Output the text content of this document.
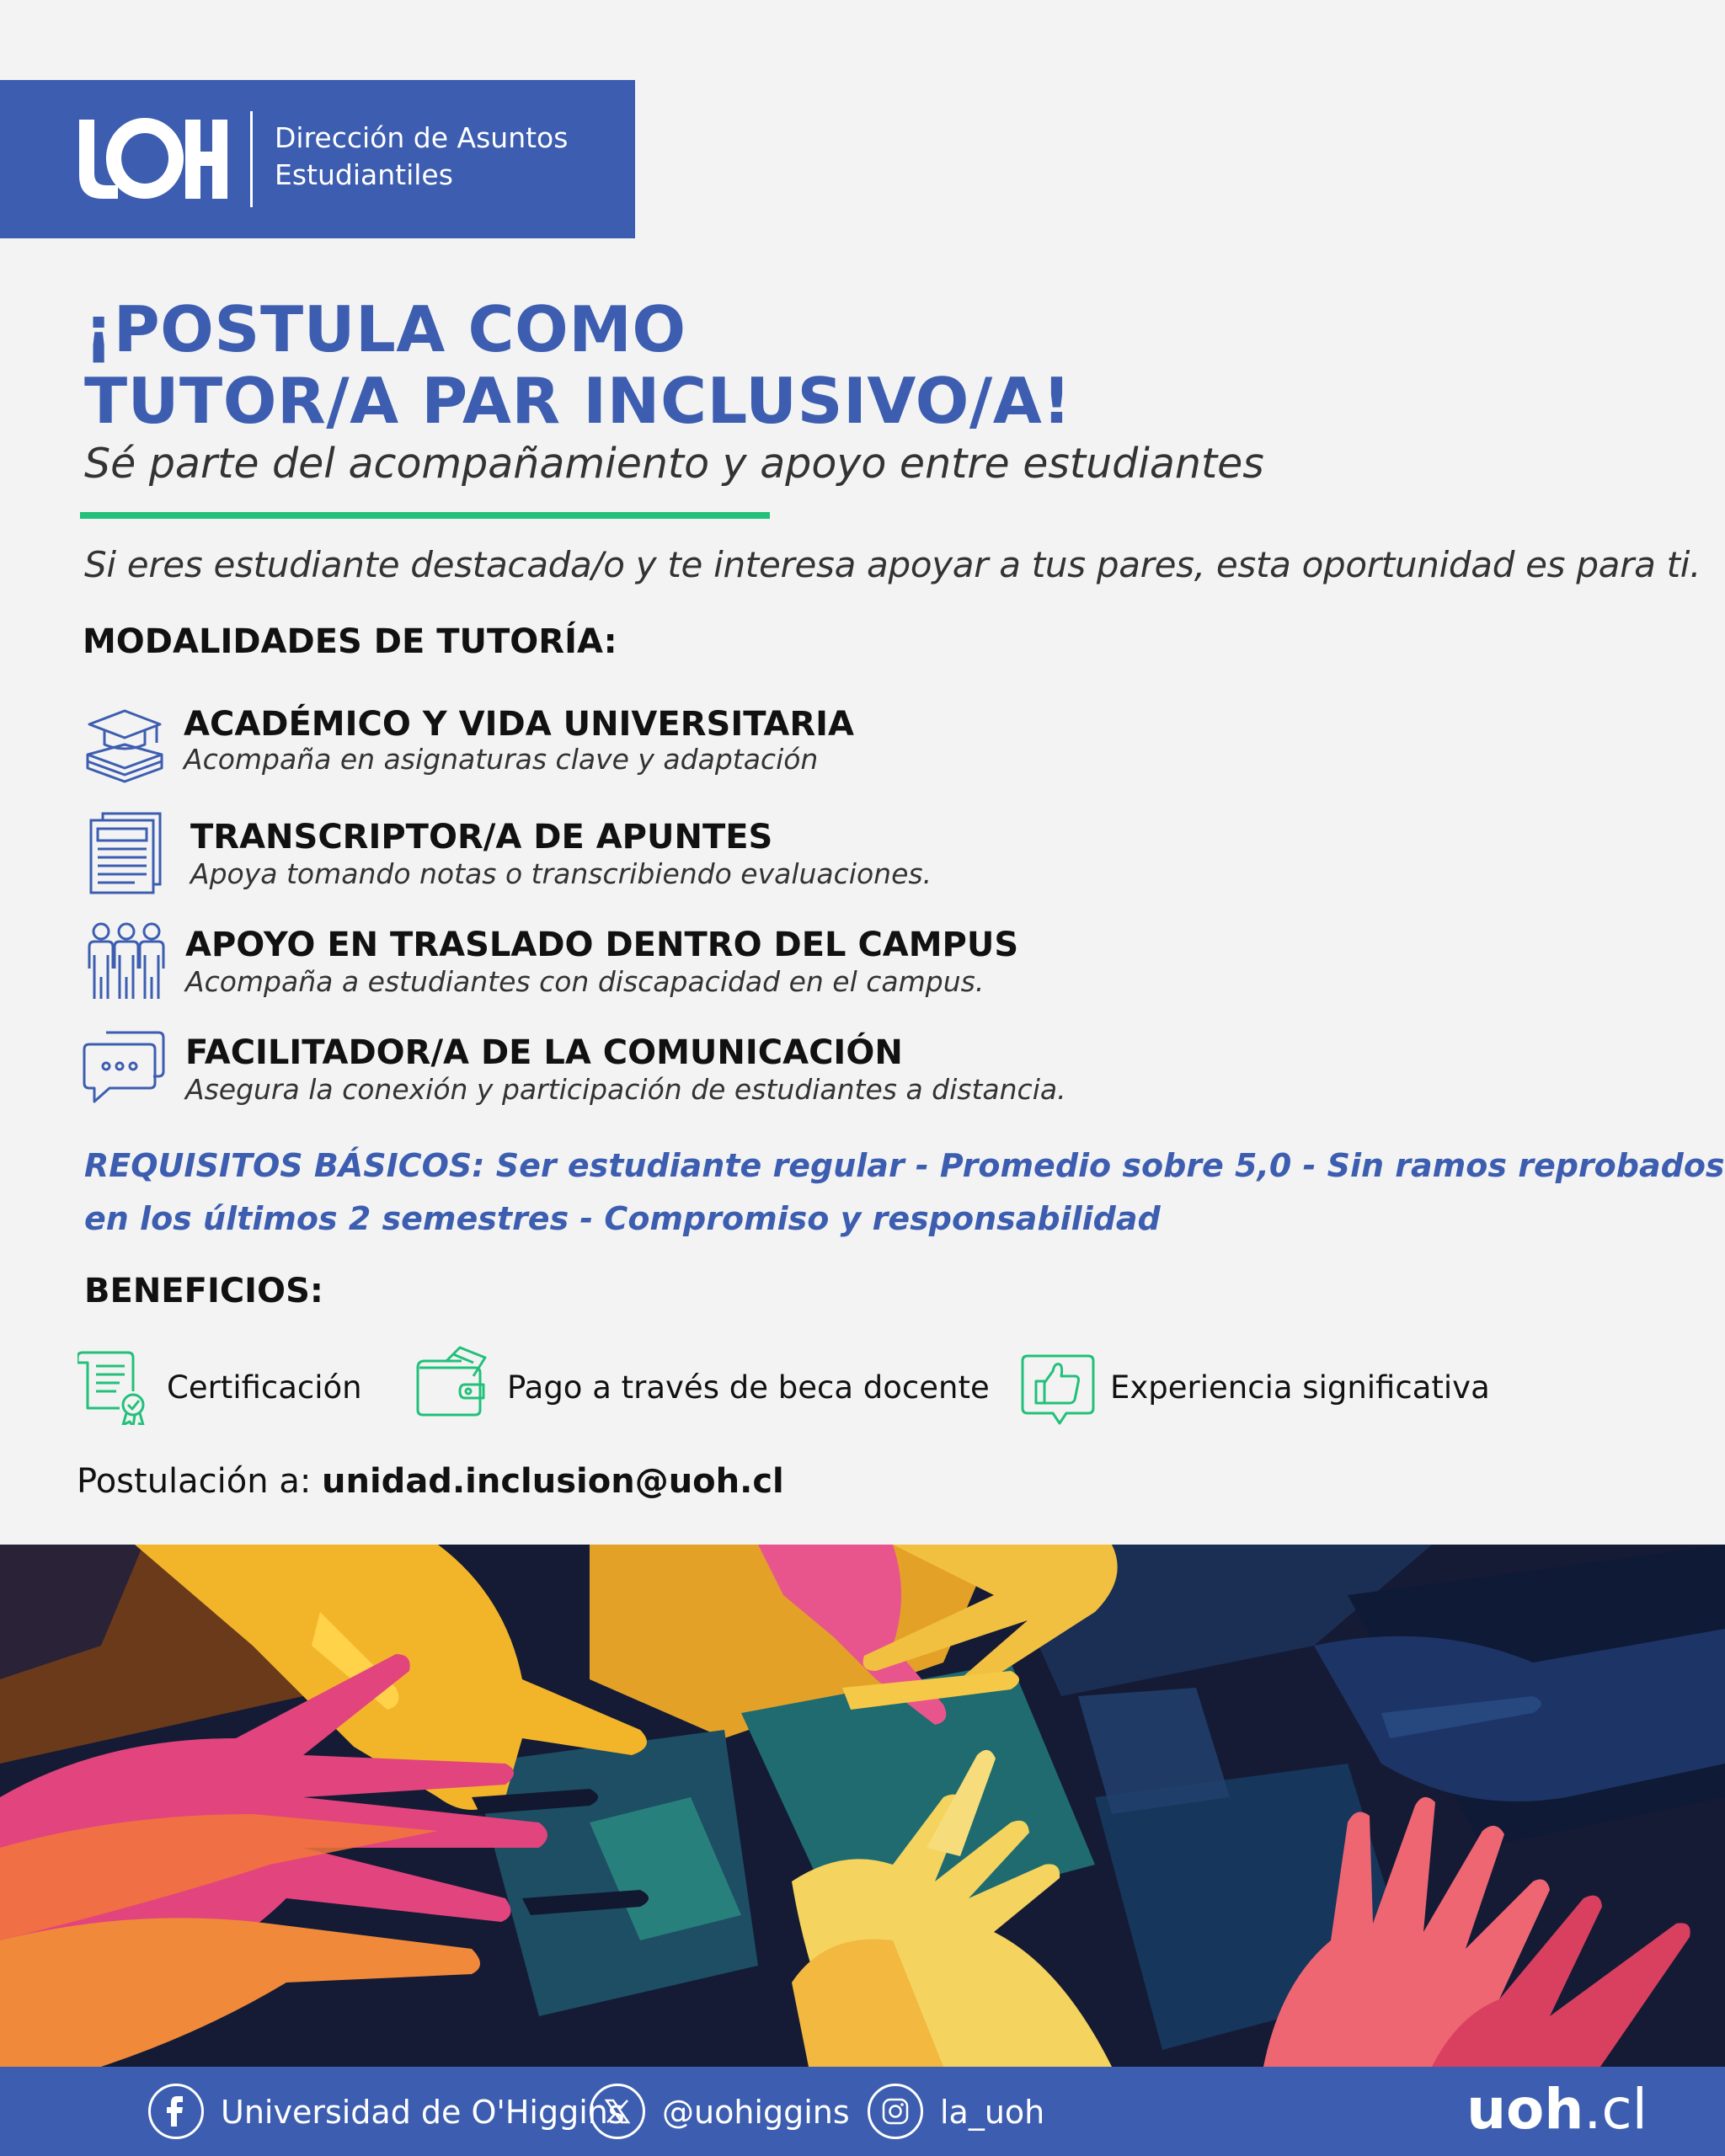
Dirección de Asuntos
Estudiantiles
¡POSTULA COMO
TUTOR/A PAR INCLUSIVO/A!
Sé parte del acompañamiento y apoyo entre estudiantes
Si eres estudiante destacada/o y te interesa apoyar a tus pares, esta oportunidad es para ti.
MODALIDADES DE TUTORÍA:
ACADÉMICO Y VIDA UNIVERSITARIA
Acompaña en asignaturas clave y adaptación
TRANSCRIPTOR/A DE APUNTES
Apoya tomando notas o transcribiendo evaluaciones.
APOYO EN TRASLADO DENTRO DEL CAMPUS
Acompaña a estudiantes con discapacidad en el campus.
FACILITADOR/A DE LA COMUNICACIÓN
Asegura la conexión y participación de estudiantes a distancia.
REQUISITOS BÁSICOS: Ser estudiante regular - Promedio sobre 5,0 - Sin ramos reprobados
en los últimos 2 semestres - Compromiso y responsabilidad
BENEFICIOS:
Certificación	Pago a través de beca docente	Experiencia significativa
Postulación a: unidad.inclusion@uoh.cl
Universidad de O'Higgins @uohiggins	la_uoh	uoh.cl
